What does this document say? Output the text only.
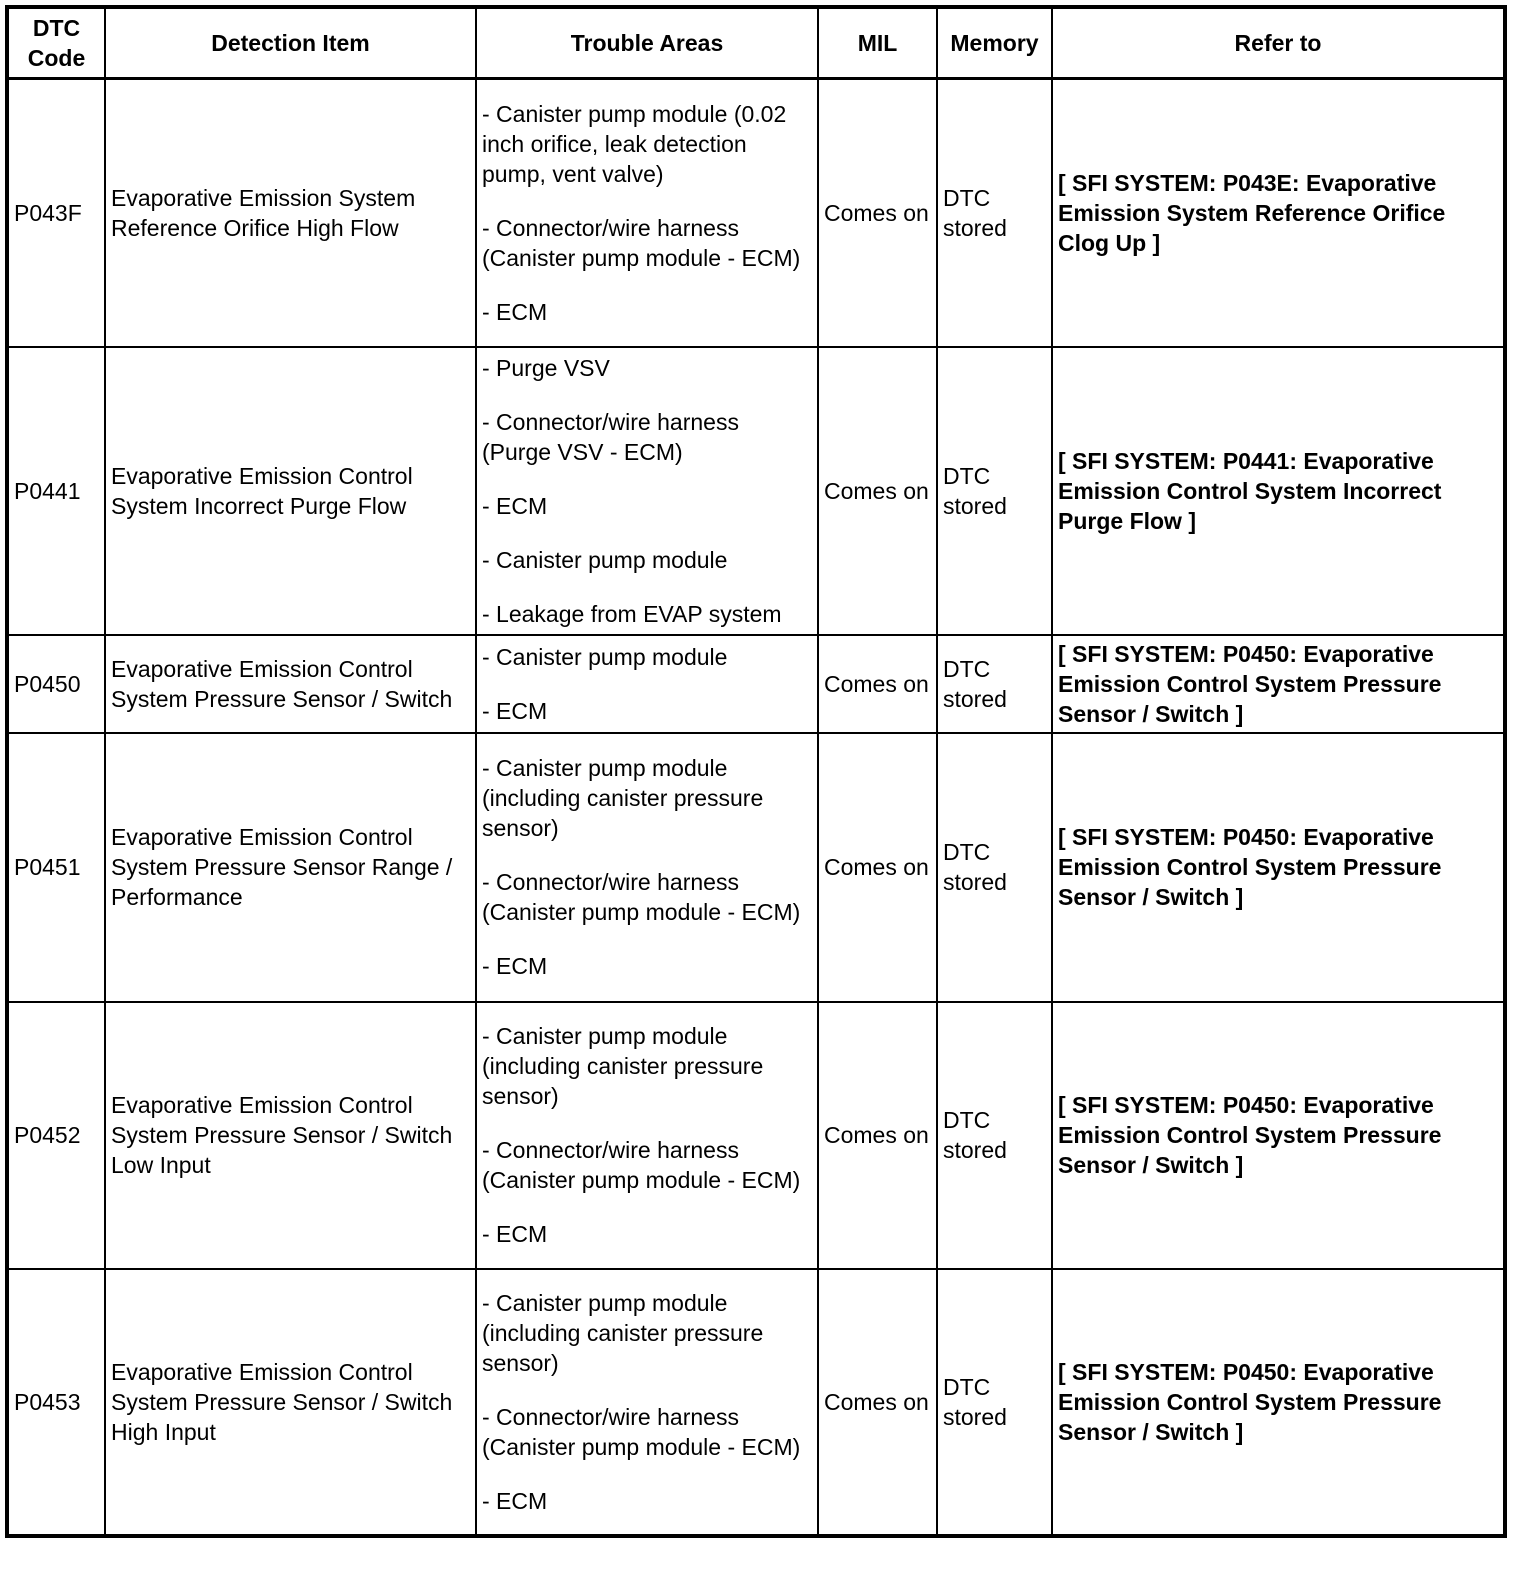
DTC
Code	Detection Item	Trouble Areas	MIL	Memory	Refer to
P043F	Evaporative Emission System Reference Orifice High Flow	- Canister pump module (0.02 inch orifice, leak detection pump, vent valve)

- Connector/wire harness (Canister pump module - ECM)

- ECM	Comes on	DTC stored	[ SFI SYSTEM: P043E: Evaporative Emission System Reference Orifice Clog Up ]
P0441	Evaporative Emission Control System Incorrect Purge Flow	- Purge VSV

- Connector/wire harness (Purge VSV - ECM)

- ECM

- Canister pump module

- Leakage from EVAP system	Comes on	DTC stored	[ SFI SYSTEM: P0441: Evaporative Emission Control System Incorrect Purge Flow ]
P0450	Evaporative Emission Control System Pressure Sensor / Switch	- Canister pump module

- ECM	Comes on	DTC stored	[ SFI SYSTEM: P0450: Evaporative Emission Control System Pressure Sensor / Switch ]
P0451	Evaporative Emission Control System Pressure Sensor Range / Performance	- Canister pump module (including canister pressure sensor)

- Connector/wire harness (Canister pump module - ECM)

- ECM	Comes on	DTC stored	[ SFI SYSTEM: P0450: Evaporative Emission Control System Pressure Sensor / Switch ]
P0452	Evaporative Emission Control System Pressure Sensor / Switch Low Input	- Canister pump module (including canister pressure sensor)

- Connector/wire harness (Canister pump module - ECM)

- ECM	Comes on	DTC stored	[ SFI SYSTEM: P0450: Evaporative Emission Control System Pressure Sensor / Switch ]
P0453	Evaporative Emission Control System Pressure Sensor / Switch High Input	- Canister pump module (including canister pressure sensor)

- Connector/wire harness (Canister pump module - ECM)

- ECM	Comes on	DTC stored	[ SFI SYSTEM: P0450: Evaporative Emission Control System Pressure Sensor / Switch ]
